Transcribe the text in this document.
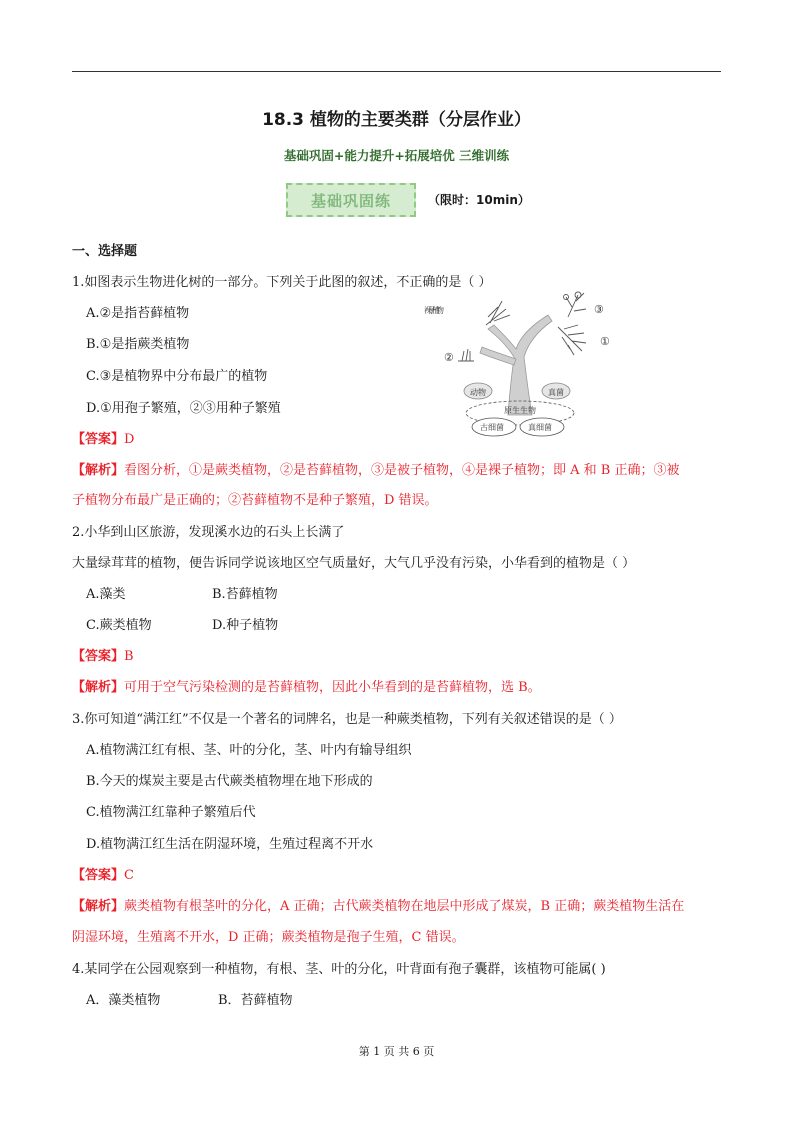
18.3 植物的主要类群（分层作业）
基础巩固+能力提升+拓展培优 三维训练
基础巩固练	（限时：10min）
一、选择题
1.如图表示生物进化树的一部分。下列关于此图的叙述，不正确的是（ ）
A.②是指苔藓植物
B.①是指蕨类植物
C.③是植物界中分布最广的植物
D.①用孢子繁殖，②③用种子繁殖
【答案】D
【解析】看图分析，①是蕨类植物，②是苔藓植物，③是被子植物，④是裸子植物；即 A 和 B 正确；③被
子植物分布最广是正确的；②苔藓植物不是种子繁殖，D 错误。
裸子植物	③
①
②
动物	真菌
原生生物
古细菌	真细菌
2.小华到山区旅游，发现溪水边的石头上长满了
大量绿茸茸的植物，便告诉同学说该地区空气质量好，大气几乎没有污染，小华看到的植物是（ ）
A.藻类	B.苔藓植物
C.蕨类植物	D.种子植物
【答案】B
【解析】可用于空气污染检测的是苔藓植物，因此小华看到的是苔藓植物，选 B。
3.你可知道“满江红”不仅是一个著名的词牌名，也是一种蕨类植物，下列有关叙述错误的是（ ）
A.植物满江红有根、茎、叶的分化，茎、叶内有输导组织
B.今天的煤炭主要是古代蕨类植物埋在地下形成的
C.植物满江红靠种子繁殖后代
D.植物满江红生活在阴湿环境，生殖过程离不开水
【答案】C
【解析】蕨类植物有根茎叶的分化，A 正确；古代蕨类植物在地层中形成了煤炭，B 正确；蕨类植物生活在
阴湿环境，生殖离不开水，D 正确；蕨类植物是孢子生殖，C 错误。
4.某同学在公园观察到一种植物，有根、茎、叶的分化，叶背面有孢子囊群，该植物可能属( )
A．藻类植物	B．苔藓植物
第 1 页 共 6 页
